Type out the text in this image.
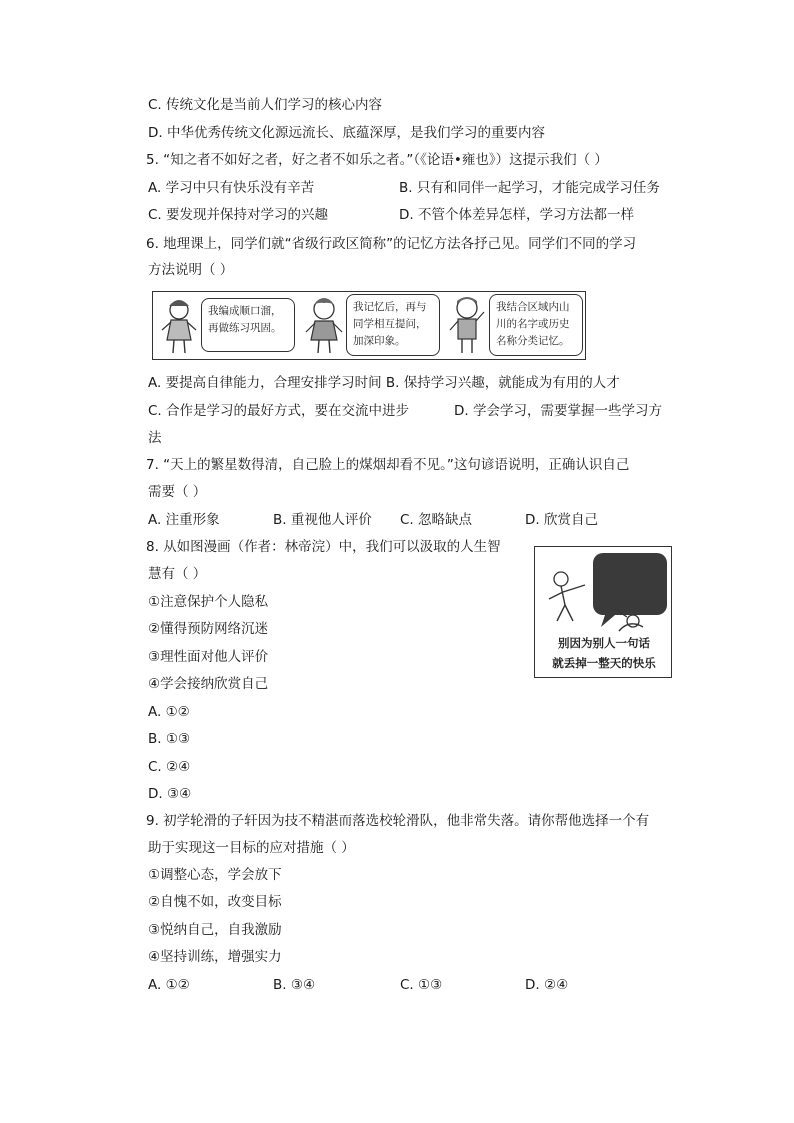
C. 传统文化是当前人们学习的核心内容
D. 中华优秀传统文化源远流长、底蕴深厚，是我们学习的重要内容
5. “知之者不如好之者，好之者不如乐之者。”（《论语•雍也》）这提示我们（ ）
A. 学习中只有快乐没有辛苦	B. 只有和同伴一起学习，才能完成学习任务
C. 要发现并保持对学习的兴趣	D. 不管个体差异怎样，学习方法都一样
6. 地理课上，同学们就“省级行政区简称”的记忆方法各抒己见。同学们不同的学习
方法说明（ ）
我编成顺口溜，
再做练习巩固。
我记忆后，再与
同学相互提问，
加深印象。
我结合区域内山
川的名字或历史
名称分类记忆。
A. 要提高自律能力，合理安排学习时间 B. 保持学习兴趣，就能成为有用的人才
C. 合作是学习的最好方式，要在交流中进步	D. 学会学习，需要掌握一些学习方
法
7. “天上的繁星数得清，自己脸上的煤烟却看不见。”这句谚语说明，正确认识自己
需要（ ）
A. 注重形象	B. 重视他人评价 C. 忽略缺点	D. 欣赏自己
8. 从如图漫画（作者：林帝浣）中，我们可以汲取的人生智
慧有（ ）
①注意保护个人隐私
②懂得预防网络沉迷
③理性面对他人评价
④学会接纳欣赏自己
A. ①②
B. ①③
C. ②④
D. ③④
别因为别人一句话
就丢掉一整天的快乐
9. 初学轮滑的子轩因为技不精湛而落选校轮滑队，他非常失落。请你帮他选择一个有
助于实现这一目标的应对措施（ ）
①调整心态，学会放下
②自愧不如，改变目标
③悦纳自己，自我激励
④坚持训练，增强实力
A. ①②	B. ③④	C. ①③	D. ②④
